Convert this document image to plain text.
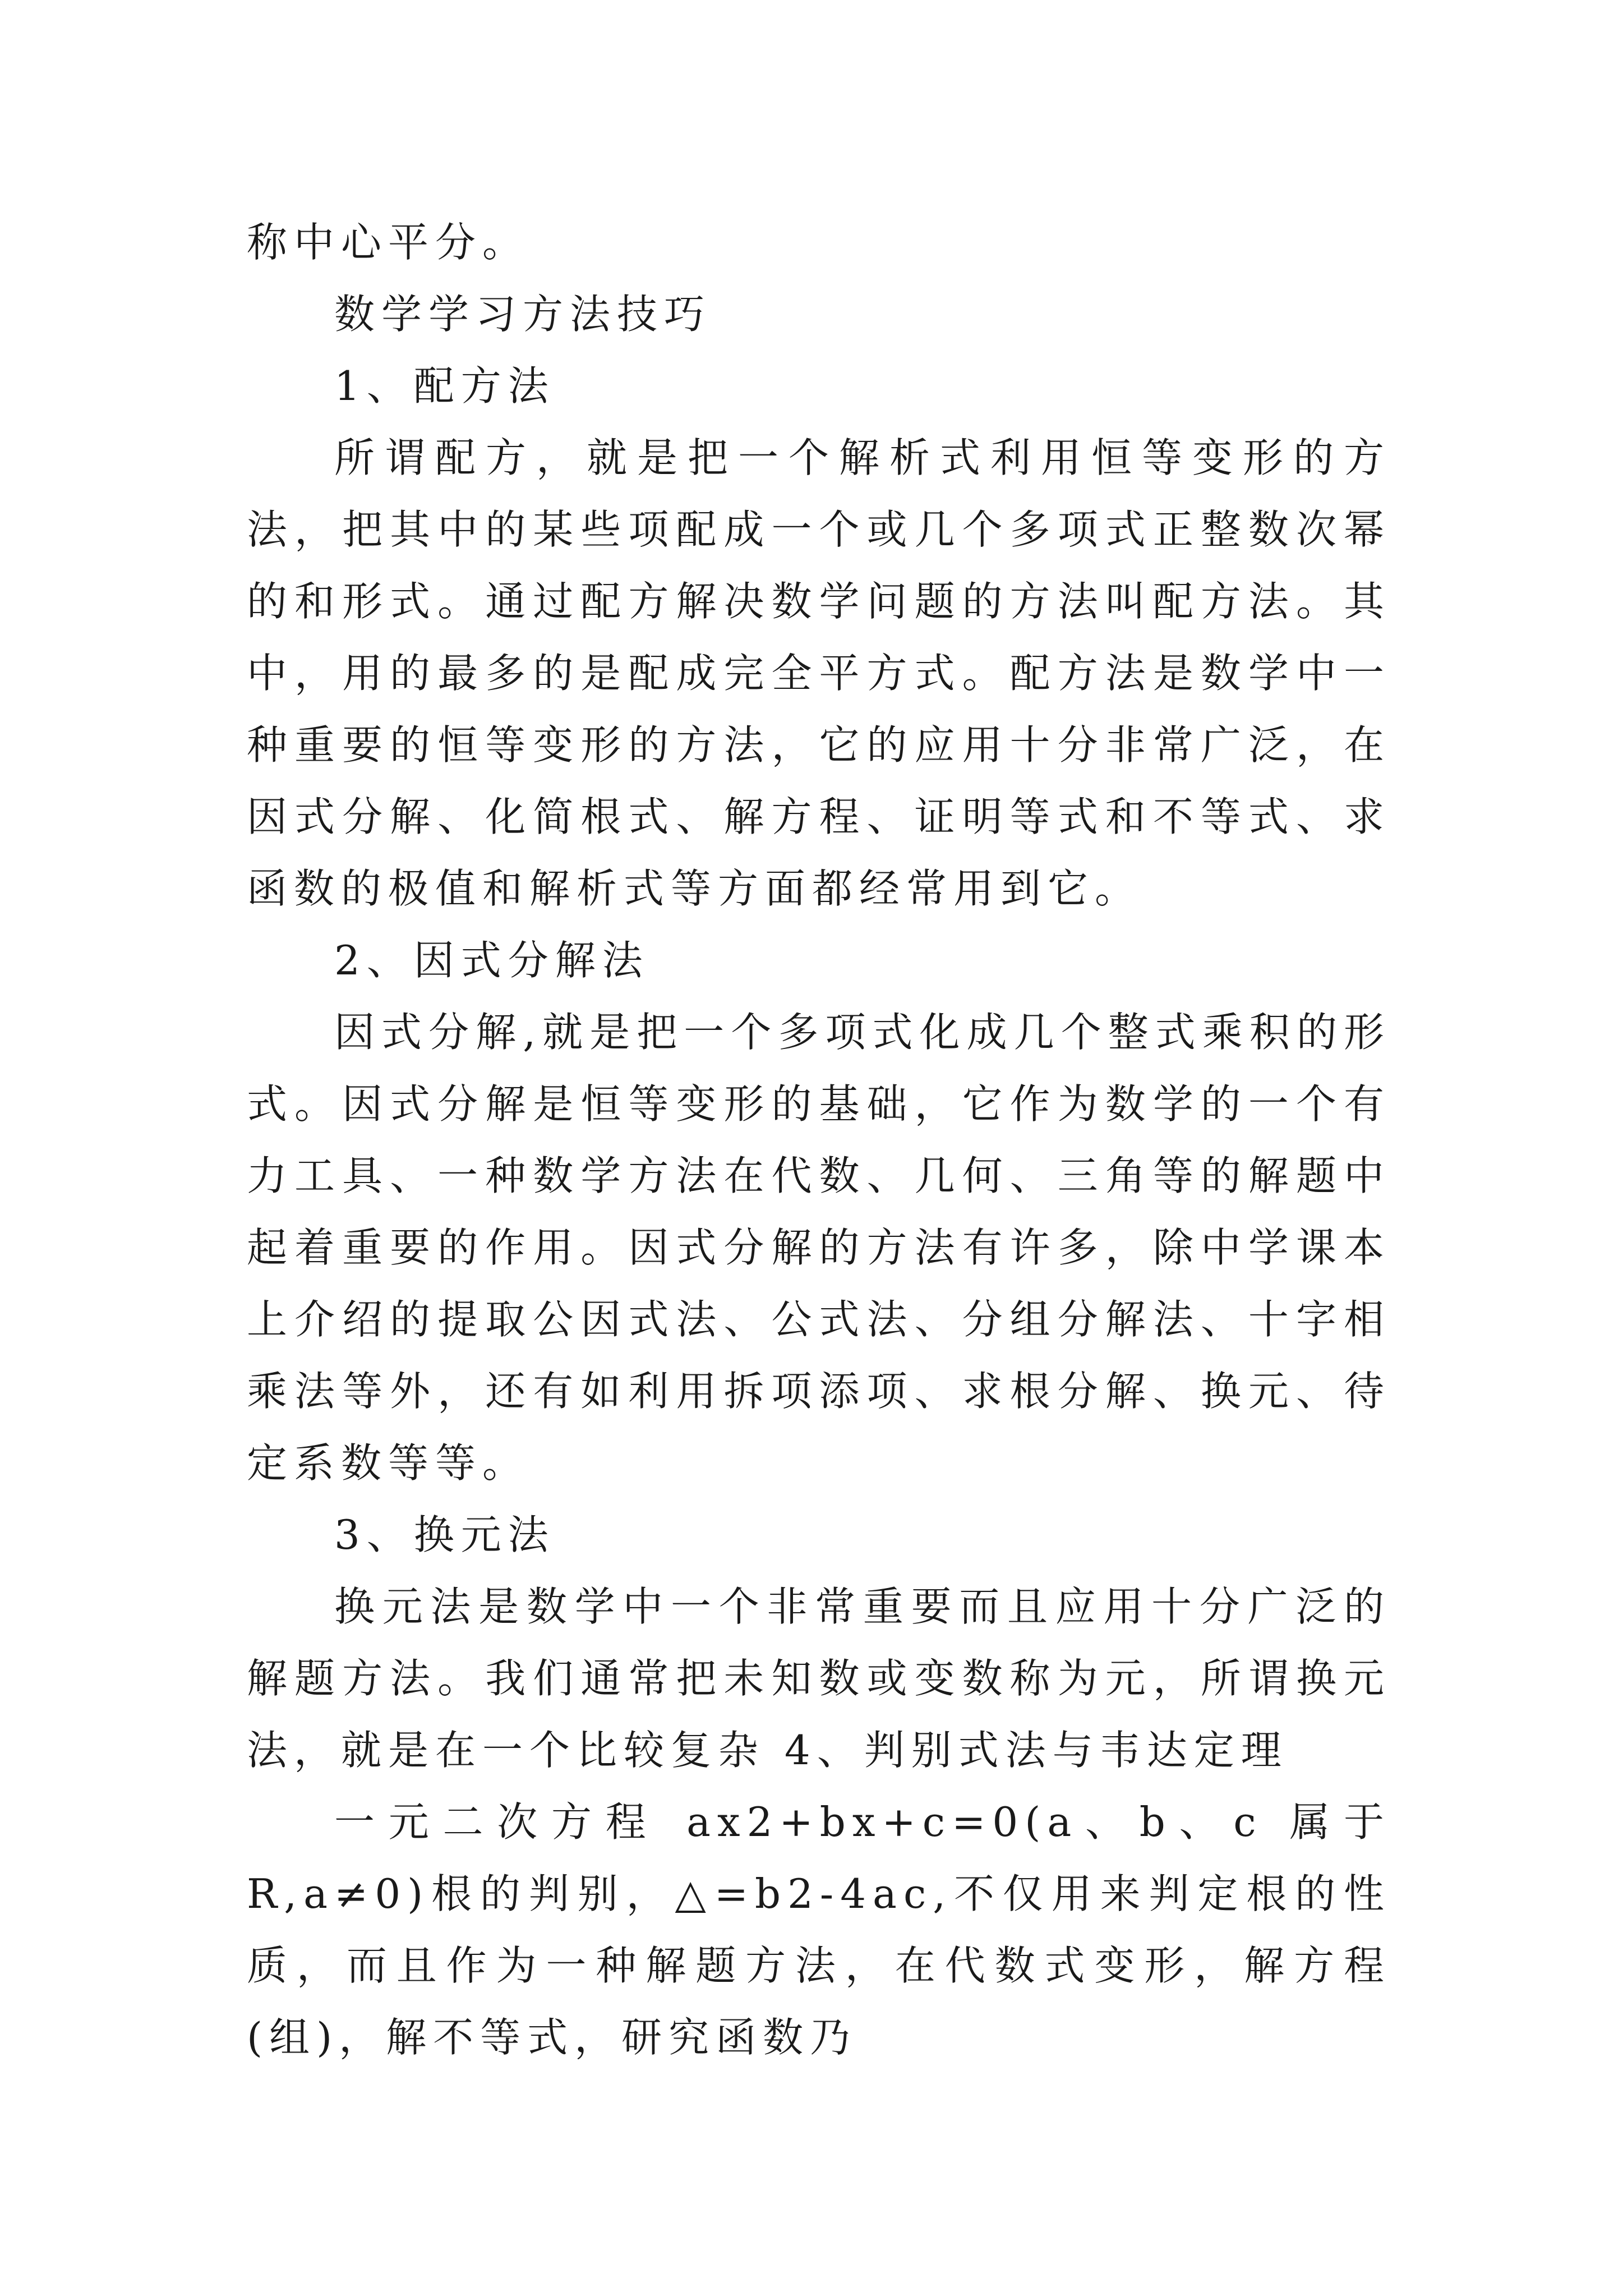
称中心平分。

数学学习方法技巧

1、配方法

所谓配方，就是把一个解析式利用恒等变形的方法，把其中的某些项配成一个或几个多项式正整数次幂的和形式。通过配方解决数学问题的方法叫配方法。其中，用的最多的是配成完全平方式。配方法是数学中一种重要的恒等变形的方法，它的应用十分非常广泛，在因式分解、化简根式、解方程、证明等式和不等式、求函数的极值和解析式等方面都经常用到它。

2、因式分解法

因式分解,就是把一个多项式化成几个整式乘积的形式。因式分解是恒等变形的基础，它作为数学的一个有力工具、一种数学方法在代数、几何、三角等的解题中起着重要的作用。因式分解的方法有许多，除中学课本上介绍的提取公因式法、公式法、分组分解法、十字相乘法等外，还有如利用拆项添项、求根分解、换元、待定系数等等。

3、换元法

换元法是数学中一个非常重要而且应用十分广泛的解题方法。我们通常把未知数或变数称为元，所谓换元法，就是在一个比较复杂 4、判别式法与韦达定理

一元二次方程 ax2+bx+c=0(a、b、c 属于 R,a≠0)根的判别，△=b2-4ac,不仅用来判定根的性质，而且作为一种解题方法，在代数式变形，解方程(组)，解不等式，研究函数乃
